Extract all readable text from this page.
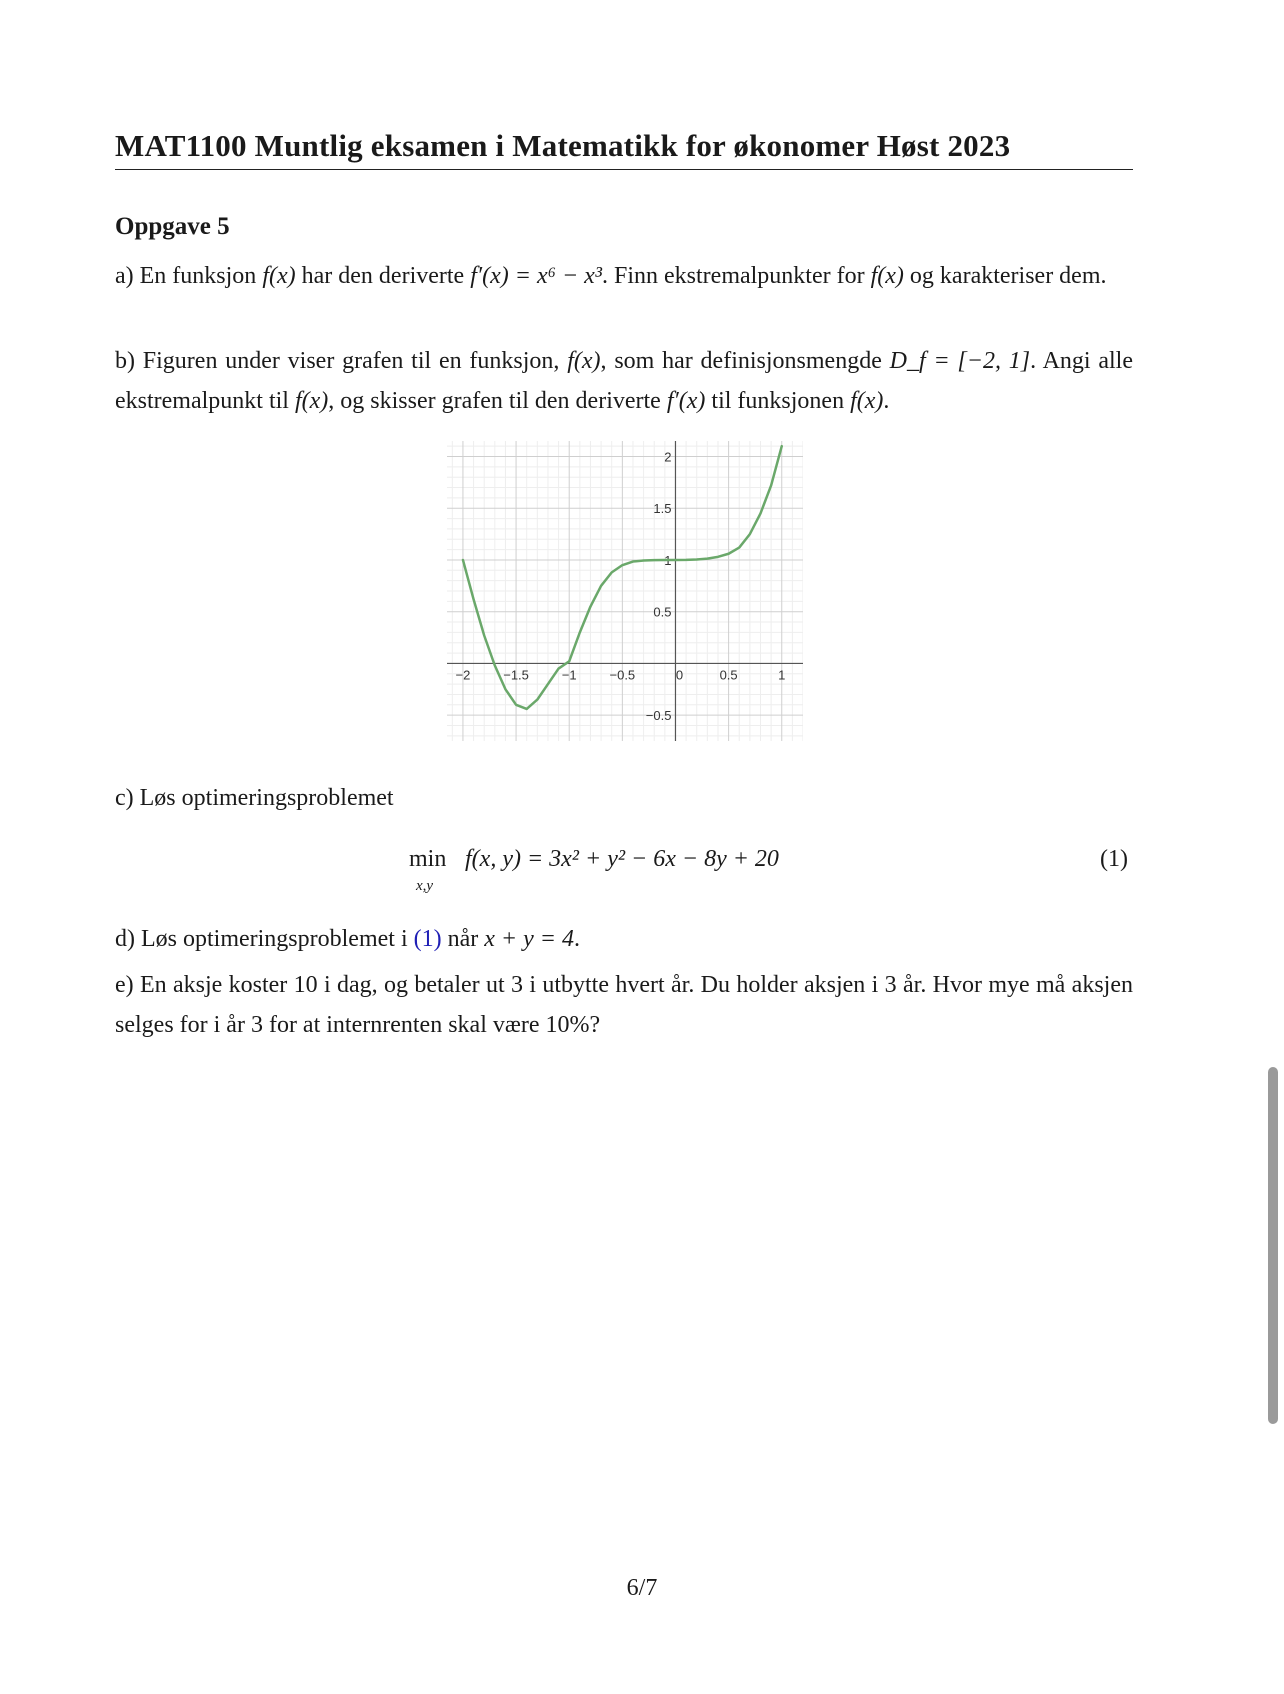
MAT1100 Muntlig eksamen i Matematikk for økonomer Høst 2023
Oppgave 5
a) En funksjon f(x) har den deriverte f′(x) = x⁶ − x³. Finn ekstremalpunkter for f(x) og karakteriser dem.
b) Figuren under viser grafen til en funksjon, f(x), som har definisjonsmengde D_f = [−2, 1]. Angi alle ekstremalpunkt til f(x), og skisser grafen til den deriverte f′(x) til funksjonen f(x).
−2	−1.5	−1	−0.5	0	0.5	1
2
1.5
1
0.5
−0.5
c) Løs optimeringsproblemet
min
x,y
f(x, y) = 3x² + y² − 6x − 8y + 20	(1)
d) Løs optimeringsproblemet i (1) når x + y = 4.
e) En aksje koster 10 i dag, og betaler ut 3 i utbytte hvert år. Du holder aksjen i 3 år. Hvor mye må aksjen selges for i år 3 for at internrenten skal være 10%?
6/7
